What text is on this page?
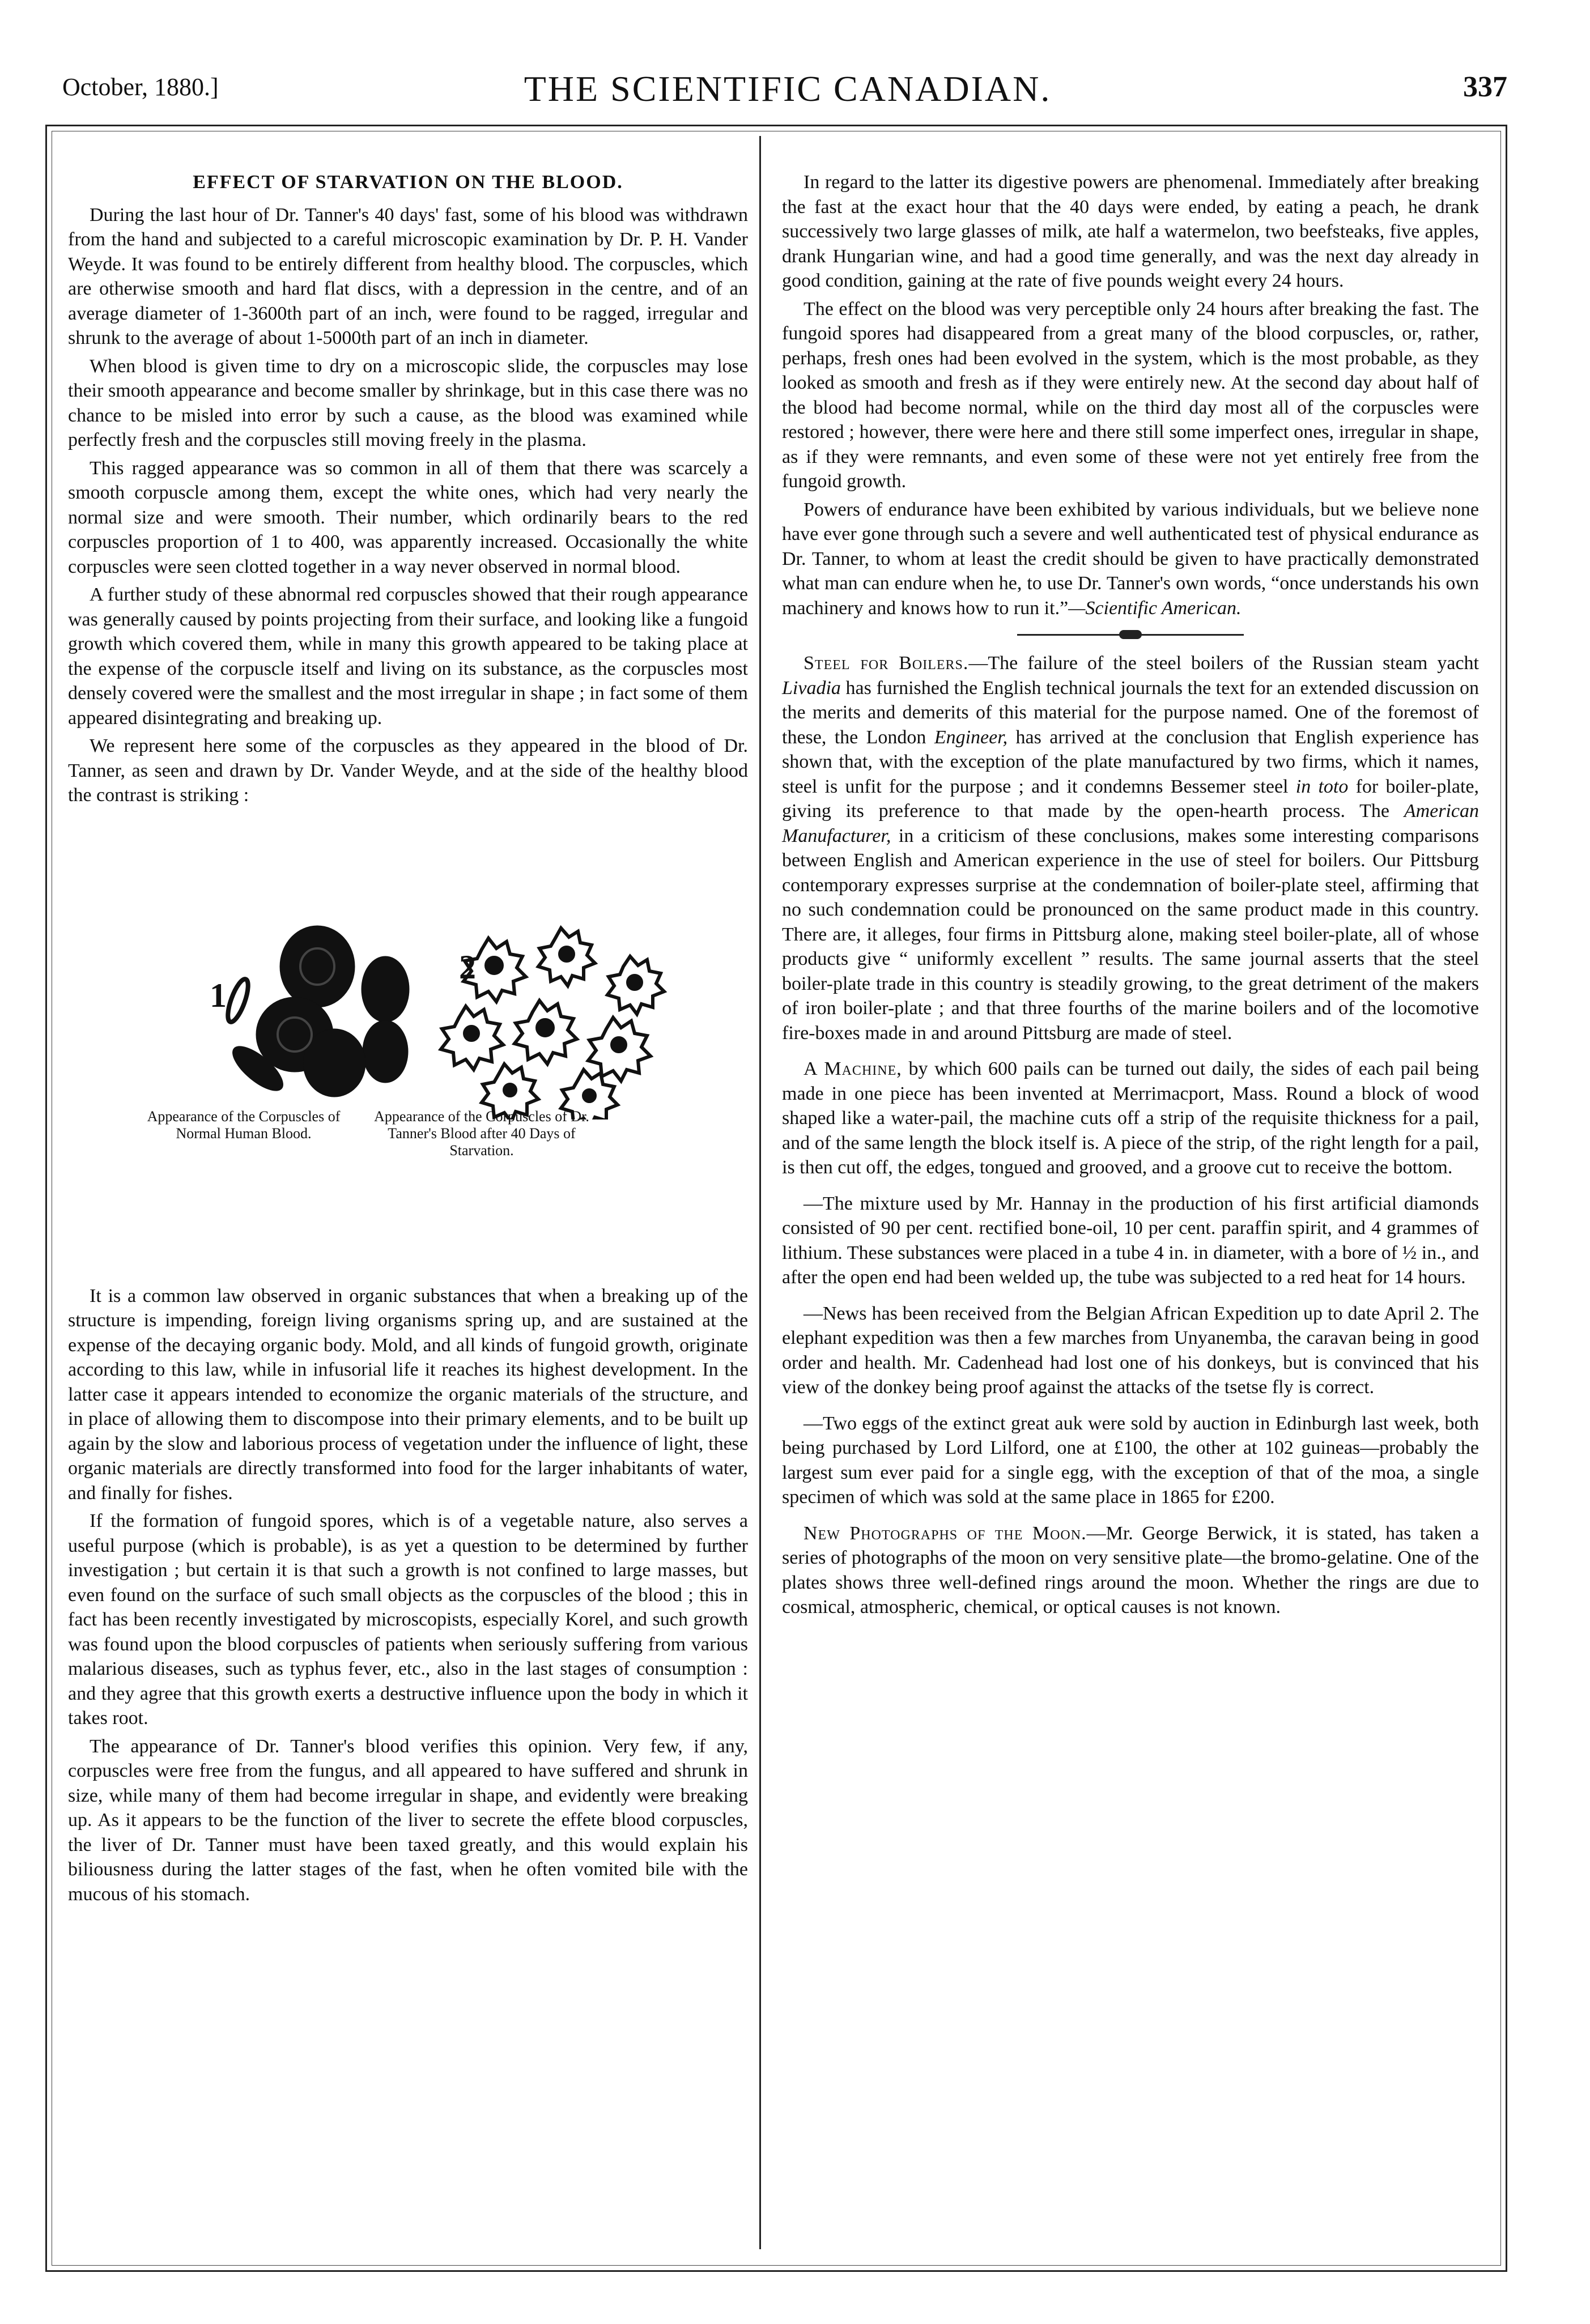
October, 1880.]	THE SCIENTIFIC CANADIAN.	337
EFFECT OF STARVATION ON THE BLOOD.

During the last hour of Dr. Tanner's 40 days' fast, some of his blood was withdrawn from the hand and subjected to a careful microscopic examination by Dr. P. H. Vander Weyde. It was found to be entirely different from healthy blood. The corpuscles, which are otherwise smooth and hard flat discs, with a depression in the centre, and of an average diameter of 1-3600th part of an inch, were found to be ragged, irregular and shrunk to the average of about 1-5000th part of an inch in diameter.

When blood is given time to dry on a microscopic slide, the corpuscles may lose their smooth appearance and become smaller by shrinkage, but in this case there was no chance to be misled into error by such a cause, as the blood was examined while perfectly fresh and the corpuscles still moving freely in the plasma.

This ragged appearance was so common in all of them that there was scarcely a smooth corpuscle among them, except the white ones, which had very nearly the normal size and were smooth. Their number, which ordinarily bears to the red corpuscles proportion of 1 to 400, was apparently increased. Occasionally the white corpuscles were seen clotted together in a way never observed in normal blood.

A further study of these abnormal red corpuscles showed that their rough appearance was generally caused by points projecting from their surface, and looking like a fungoid growth which covered them, while in many this growth appeared to be taking place at the expense of the corpuscle itself and living on its substance, as the corpuscles most densely covered were the smallest and the most irregular in shape ; in fact some of them appeared disintegrating and breaking up.

We represent here some of the corpuscles as they appeared in the blood of Dr. Tanner, as seen and drawn by Dr. Vander Weyde, and at the side of the healthy blood the contrast is striking :

1
2
Appearance of the Corpuscles of Normal Human Blood.
Appearance of the Corpuscles of Dr. Tanner's Blood after 40 Days of Starvation.

It is a common law observed in organic substances that when a breaking up of the structure is impending, foreign living organisms spring up, and are sustained at the expense of the decaying organic body. Mold, and all kinds of fungoid growth, originate according to this law, while in infusorial life it reaches its highest development. In the latter case it appears intended to economize the organic materials of the structure, and in place of allowing them to discompose into their primary elements, and to be built up again by the slow and laborious process of vegetation under the influence of light, these organic materials are directly transformed into food for the larger inhabitants of water, and finally for fishes.

If the formation of fungoid spores, which is of a vegetable nature, also serves a useful purpose (which is probable), is as yet a question to be determined by further investigation ; but certain it is that such a growth is not confined to large masses, but even found on the surface of such small objects as the corpuscles of the blood ; this in fact has been recently investigated by microscopists, especially Korel, and such growth was found upon the blood corpuscles of patients when seriously suffering from various malarious diseases, such as typhus fever, etc., also in the last stages of consumption : and they agree that this growth exerts a destructive influence upon the body in which it takes root.

The appearance of Dr. Tanner's blood verifies this opinion. Very few, if any, corpuscles were free from the fungus, and all appeared to have suffered and shrunk in size, while many of them had become irregular in shape, and evidently were breaking up. As it appears to be the function of the liver to secrete the effete blood corpuscles, the liver of Dr. Tanner must have been taxed greatly, and this would explain his biliousness during the latter stages of the fast, when he often vomited bile with the mucous of his stomach.

In regard to the latter its digestive powers are phenomenal. Immediately after breaking the fast at the exact hour that the 40 days were ended, by eating a peach, he drank successively two large glasses of milk, ate half a watermelon, two beefsteaks, five apples, drank Hungarian wine, and had a good time generally, and was the next day already in good condition, gaining at the rate of five pounds weight every 24 hours.

The effect on the blood was very perceptible only 24 hours after breaking the fast. The fungoid spores had disappeared from a great many of the blood corpuscles, or, rather, perhaps, fresh ones had been evolved in the system, which is the most probable, as they looked as smooth and fresh as if they were entirely new. At the second day about half of the blood had become normal, while on the third day most all of the corpuscles were restored ; however, there were here and there still some imperfect ones, irregular in shape, as if they were remnants, and even some of these were not yet entirely free from the fungoid growth.

Powers of endurance have been exhibited by various individuals, but we believe none have ever gone through such a severe and well authenticated test of physical endurance as Dr. Tanner, to whom at least the credit should be given to have practically demonstrated what man can endure when he, to use Dr. Tanner's own words, “once understands his own machinery and knows how to run it.”—Scientific American.

Steel for Boilers.—The failure of the steel boilers of the Russian steam yacht Livadia has furnished the English technical journals the text for an extended discussion on the merits and demerits of this material for the purpose named. One of the foremost of these, the London Engineer, has arrived at the conclusion that English experience has shown that, with the exception of the plate manufactured by two firms, which it names, steel is unfit for the purpose ; and it condemns Bessemer steel in toto for boiler-plate, giving its preference to that made by the open-hearth process. The American Manufacturer, in a criticism of these conclusions, makes some interesting comparisons between English and American experience in the use of steel for boilers. Our Pittsburg contemporary expresses surprise at the condemnation of boiler-plate steel, affirming that no such condemnation could be pronounced on the same product made in this country. There are, it alleges, four firms in Pittsburg alone, making steel boiler-plate, all of whose products give “ uniformly excellent ” results. The same journal asserts that the steel boiler-plate trade in this country is steadily growing, to the great detriment of the makers of iron boiler-plate ; and that three fourths of the marine boilers and of the locomotive fire-boxes made in and around Pittsburg are made of steel.

A Machine, by which 600 pails can be turned out daily, the sides of each pail being made in one piece has been invented at Merrimacport, Mass. Round a block of wood shaped like a water-pail, the machine cuts off a strip of the requisite thickness for a pail, and of the same length the block itself is. A piece of the strip, of the right length for a pail, is then cut off, the edges, tongued and grooved, and a groove cut to receive the bottom.

—The mixture used by Mr. Hannay in the production of his first artificial diamonds consisted of 90 per cent. rectified bone-oil, 10 per cent. paraffin spirit, and 4 grammes of lithium. These substances were placed in a tube 4 in. in diameter, with a bore of ½ in., and after the open end had been welded up, the tube was subjected to a red heat for 14 hours.

—News has been received from the Belgian African Expedition up to date April 2. The elephant expedition was then a few marches from Unyanemba, the caravan being in good order and health. Mr. Cadenhead had lost one of his donkeys, but is convinced that his view of the donkey being proof against the attacks of the tsetse fly is correct.

—Two eggs of the extinct great auk were sold by auction in Edinburgh last week, both being purchased by Lord Lilford, one at £100, the other at 102 guineas—probably the largest sum ever paid for a single egg, with the exception of that of the moa, a single specimen of which was sold at the same place in 1865 for £200.

New Photographs of the Moon.—Mr. George Berwick, it is stated, has taken a series of photographs of the moon on very sensitive plate—the bromo-gelatine. One of the plates shows three well-defined rings around the moon. Whether the rings are due to cosmical, atmospheric, chemical, or optical causes is not known.
